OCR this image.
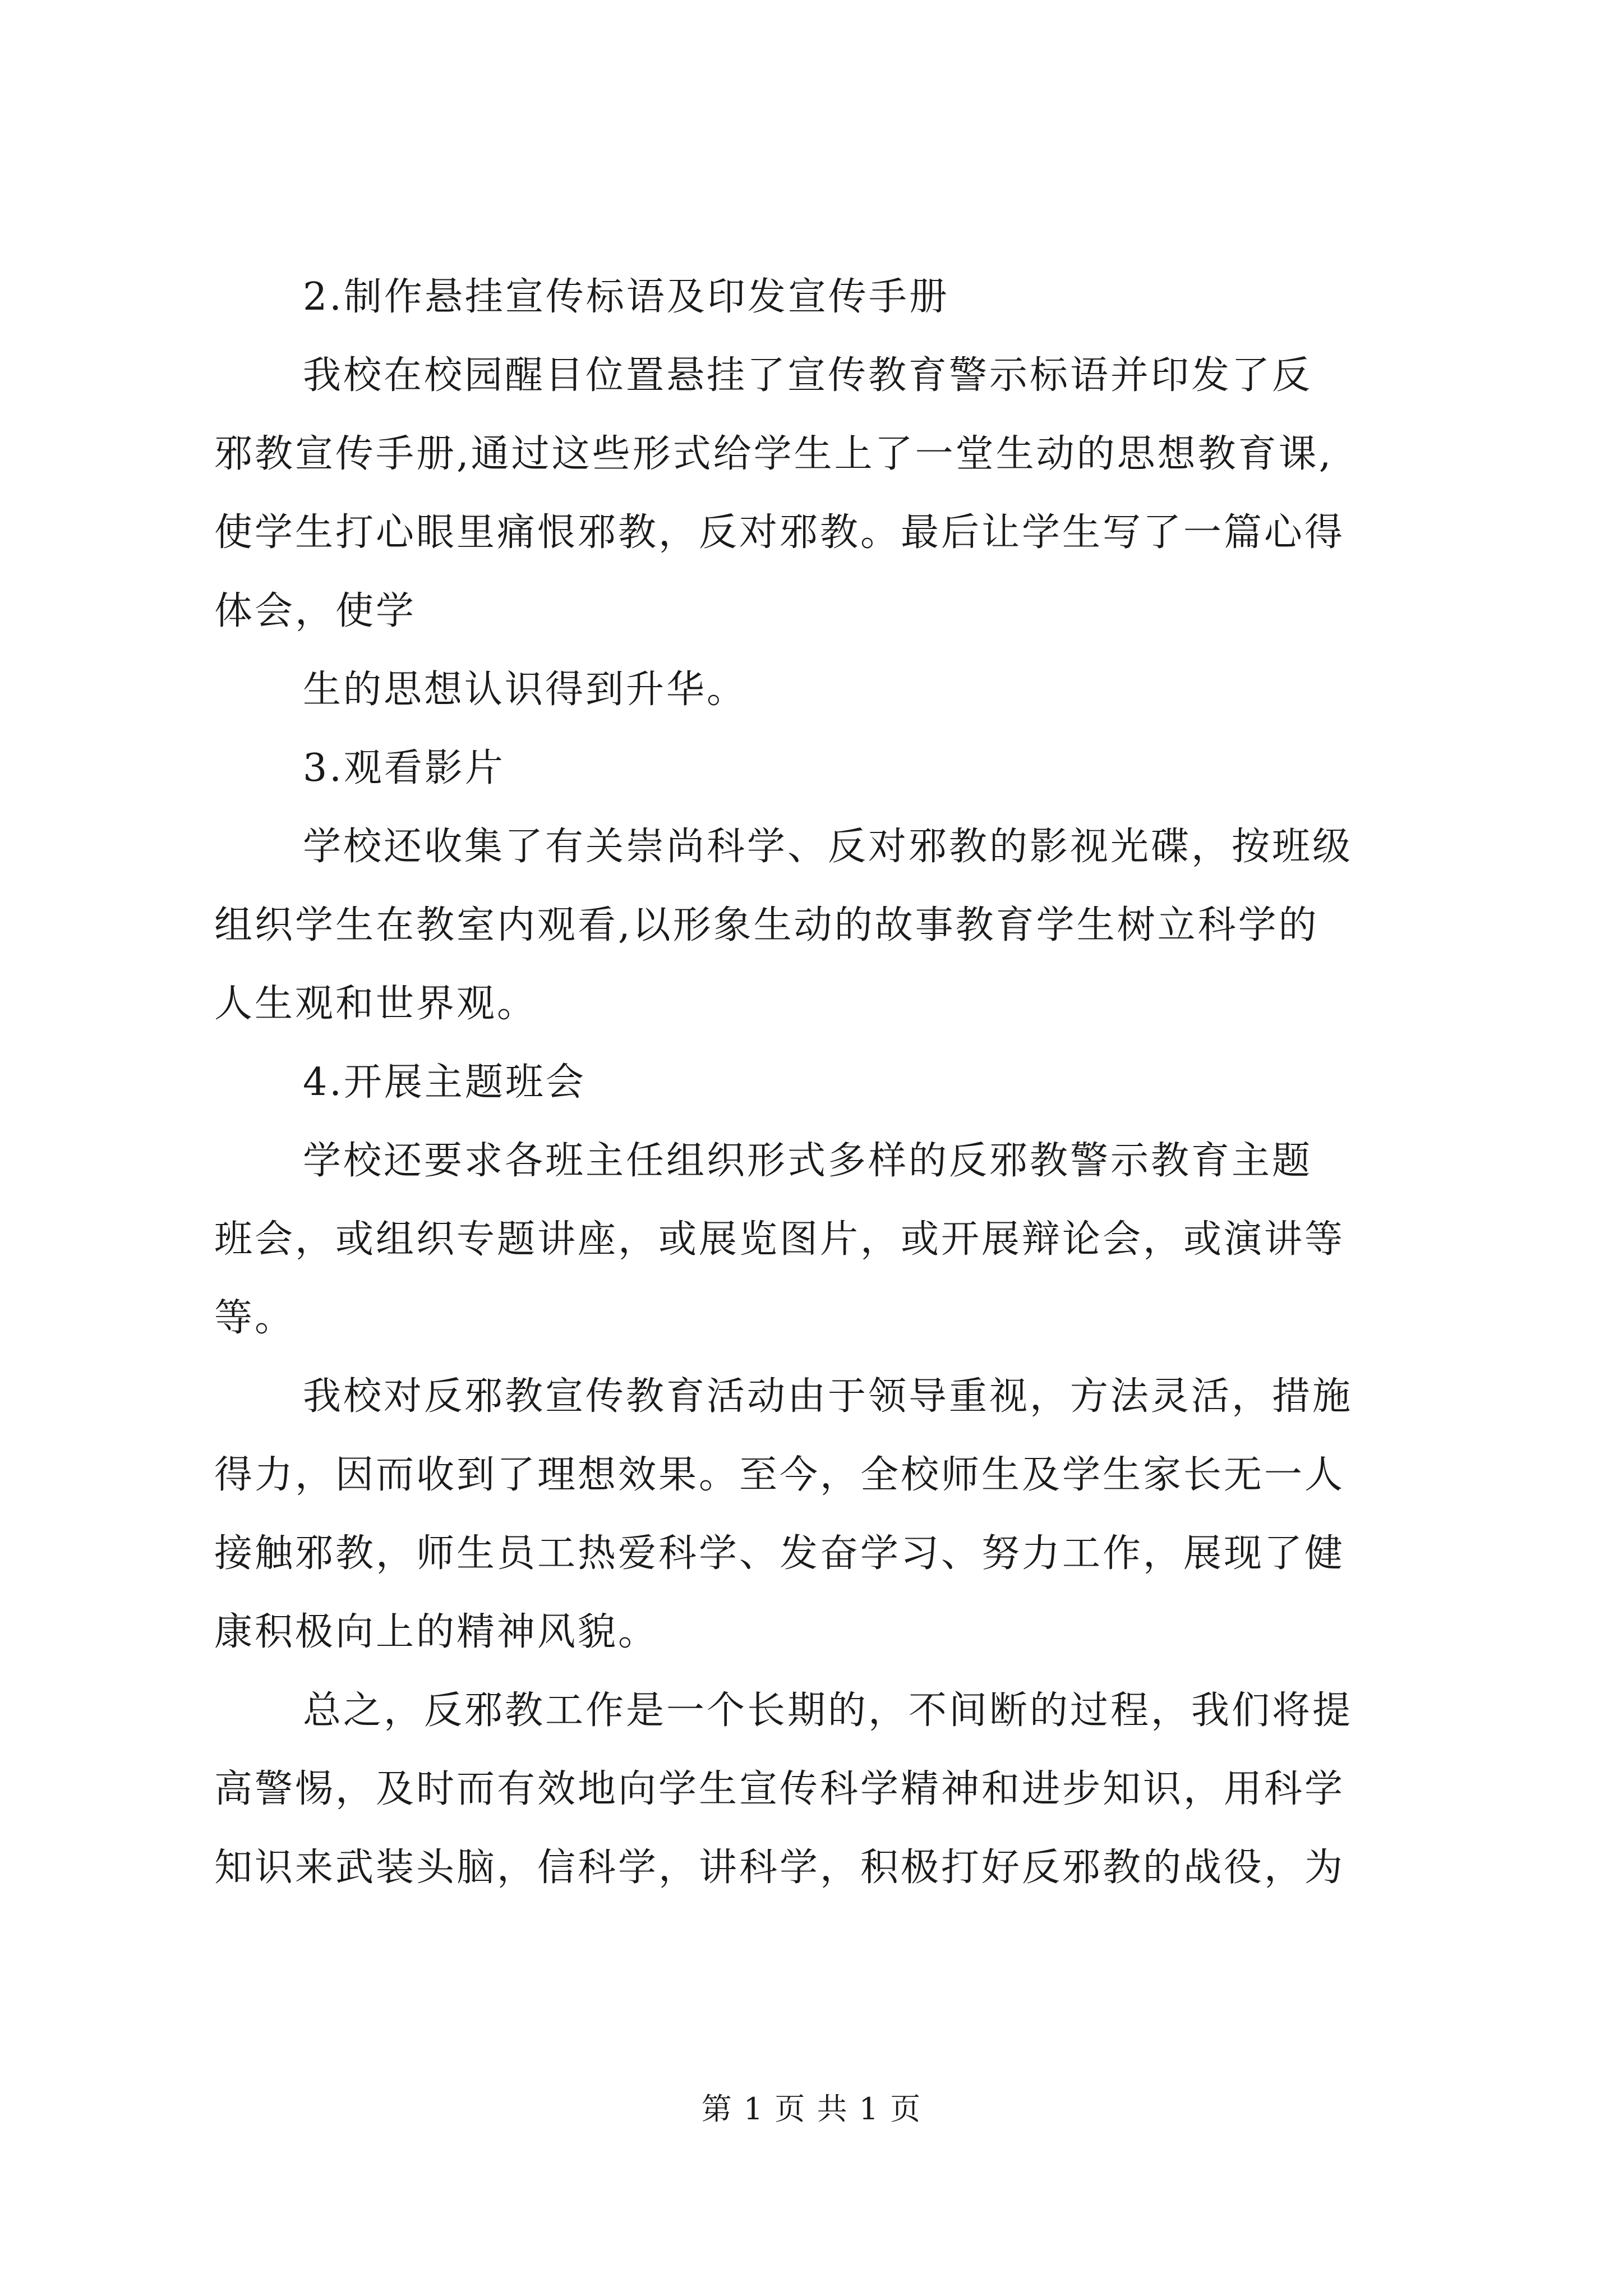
2.制作悬挂宣传标语及印发宣传手册

我校在校园醒目位置悬挂了宣传教育警示标语并印发了反
邪教宣传手册,通过这些形式给学生上了一堂生动的思想教育课,
使学生打心眼里痛恨邪教，反对邪教。最后让学生写了一篇心得
体会，使学

生的思想认识得到升华。

3.观看影片

学校还收集了有关崇尚科学、反对邪教的影视光碟，按班级
组织学生在教室内观看,以形象生动的故事教育学生树立科学的
人生观和世界观。

4.开展主题班会

学校还要求各班主任组织形式多样的反邪教警示教育主题
班会，或组织专题讲座，或展览图片，或开展辩论会，或演讲等
等。

我校对反邪教宣传教育活动由于领导重视，方法灵活，措施
得力，因而收到了理想效果。至今，全校师生及学生家长无一人
接触邪教，师生员工热爱科学、发奋学习、努力工作，展现了健
康积极向上的精神风貌。

总之，反邪教工作是一个长期的，不间断的过程，我们将提
高警惕，及时而有效地向学生宣传科学精神和进步知识，用科学
知识来武装头脑，信科学，讲科学，积极打好反邪教的战役，为

第 1 页 共 1 页
